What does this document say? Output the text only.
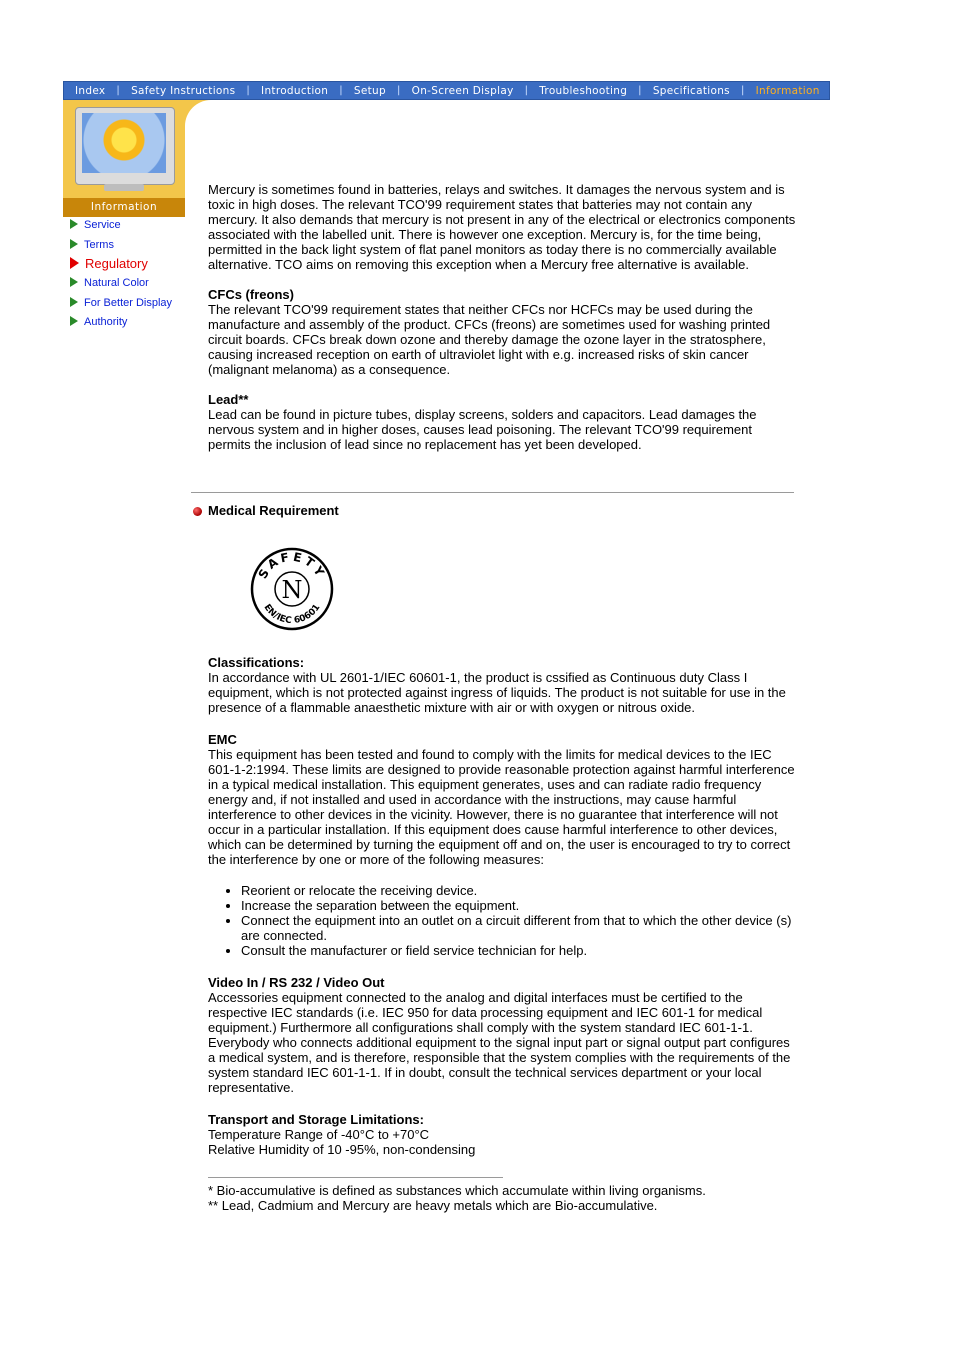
Index	|	Safety Instructions	|	Introduction	|	Setup	|	On-Screen Display	|	Troubleshooting	|	Specifications	|	Information
Information
Service
Terms
Regulatory
Natural Color
For Better Display
Authority

Mercury is sometimes found in batteries, relays and switches. It damages the nervous system and is toxic in high doses. The relevant TCO'99 requirement states that batteries may not contain any mercury. It also demands that mercury is not present in any of the electrical or electronics components associated with the labelled unit. There is however one exception. Mercury is, for the time being, permitted in the back light system of flat panel monitors as today there is no commercially available alternative. TCO aims on removing this exception when a Mercury free alternative is available.

CFCs (freons)

The relevant TCO'99 requirement states that neither CFCs nor HCFCs may be used during the manufacture and assembly of the product. CFCs (freons) are sometimes used for washing printed circuit boards. CFCs break down ozone and thereby damage the ozone layer in the stratosphere, causing increased reception on earth of ultraviolet light with e.g. increased risks of skin cancer (malignant melanoma) as a consequence.

Lead**

Lead can be found in picture tubes, display screens, solders and capacitors. Lead damages the nervous system and in higher doses, causes lead poisoning. The relevant TCO'99 requirement permits the inclusion of lead since no replacement has yet been developed.

Medical Requirement
SAFETY
N
EN/IEC 60601

Classifications:

In accordance with UL 2601-1/IEC 60601-1, the product is cssified as Continuous duty Class I equipment, which is not protected against ingress of liquids. The product is not suitable for use in the presence of a flammable anaesthetic mixture with air or with oxygen or nitrous oxide.

EMC

This equipment has been tested and found to comply with the limits for medical devices to the IEC 601-1-2:1994. These limits are designed to provide reasonable protection against harmful interference in a typical medical installation. This equipment generates, uses and can radiate radio frequency energy and, if not installed and used in accordance with the instructions, may cause harmful interference to other devices in the vicinity. However, there is no guarantee that interference will not occur in a particular installation. If this equipment does cause harmful interference to other devices, which can be determined by turning the equipment off and on, the user is encouraged to try to correct the interference by one or more of the following measures:

• Reorient or relocate the receiving device.
• Increase the separation between the equipment.
• Connect the equipment into an outlet on a circuit different from that to which the other device (s) are connected.
• Consult the manufacturer or field service technician for help.

Video In / RS 232 / Video Out

Accessories equipment connected to the analog and digital interfaces must be certified to the respective IEC standards (i.e. IEC 950 for data processing equipment and IEC 601-1 for medical equipment.) Furthermore all configurations shall comply with the system standard IEC 601-1-1. Everybody who connects additional equipment to the signal input part or signal output part configures a medical system, and is therefore, responsible that the system complies with the requirements of the system standard IEC 601-1-1. If in doubt, consult the technical services department or your local representative.

Transport and Storage Limitations:

Temperature Range of -40°C to +70°C

Relative Humidity of 10 -95%, non-condensing

* Bio-accumulative is defined as substances which accumulate within living organisms.

** Lead, Cadmium and Mercury are heavy metals which are Bio-accumulative.
